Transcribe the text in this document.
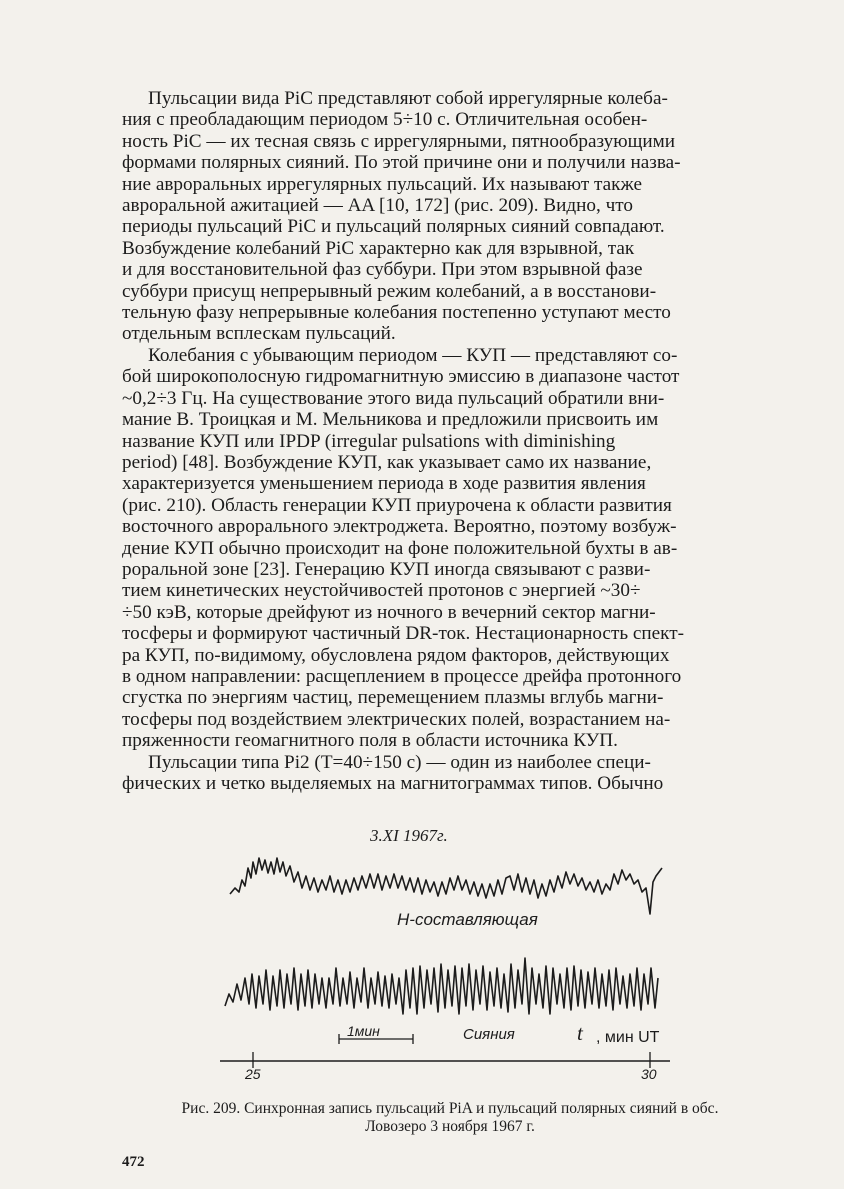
Пульсации вида PiC представляют собой иррегулярные колеба-
ния с преобладающим периодом 5÷10 с. Отличительная особен-
ность PiC — их тесная связь с иррегулярными, пятнообразующими
формами полярных сияний. По этой причине они и получили назва-
ние авроральных иррегулярных пульсаций. Их называют также
авроральной ажитацией — AA [10, 172] (рис. 209). Видно, что
периоды пульсаций PiC и пульсаций полярных сияний совпадают.
Возбуждение колебаний PiC характерно как для взрывной, так
и для восстановительной фаз суббури. При этом взрывной фазе
суббури присущ непрерывный режим колебаний, а в восстанови-
тельную фазу непрерывные колебания постепенно уступают место
отдельным всплескам пульсаций.

Колебания с убывающим периодом — КУП — представляют со-
бой широкополосную гидромагнитную эмиссию в диапазоне частот
~0,2÷3 Гц. На существование этого вида пульсаций обратили вни-
мание В. Троицкая и М. Мельникова и предложили присвоить им
название КУП или IPDP (irregular pulsations with diminishing
period) [48]. Возбуждение КУП, как указывает само их название,
характеризуется уменьшением периода в ходе развития явления
(рис. 210). Область генерации КУП приурочена к области развития
восточного аврорального электроджета. Вероятно, поэтому возбуж-
дение КУП обычно происходит на фоне положительной бухты в ав-
роральной зоне [23]. Генерацию КУП иногда связывают с разви-
тием кинетических неустойчивостей протонов с энергией ~30÷
÷50 кэВ, которые дрейфуют из ночного в вечерний сектор магни-
тосферы и формируют частичный DR-ток. Нестационарность спект-
ра КУП, по-видимому, обусловлена рядом факторов, действующих
в одном направлении: расщеплением в процессе дрейфа протонного
сгустка по энергиям частиц, перемещением плазмы вглубь магни-
тосферы под воздействием электрических полей, возрастанием на-
пряженности геомагнитного поля в области источника КУП.

Пульсации типа Pi2 (T=40÷150 с) — один из наиболее специ-
фических и четко выделяемых на магнитограммах типов. Обычно

3.XI 1967г.
Н-составляющая
1мин	Сияния	t , мин UT
25	30
Рис. 209. Синхронная запись пульсаций PiA и пульсаций полярных сияний в обс.
Ловозеро 3 ноября 1967 г.
472
